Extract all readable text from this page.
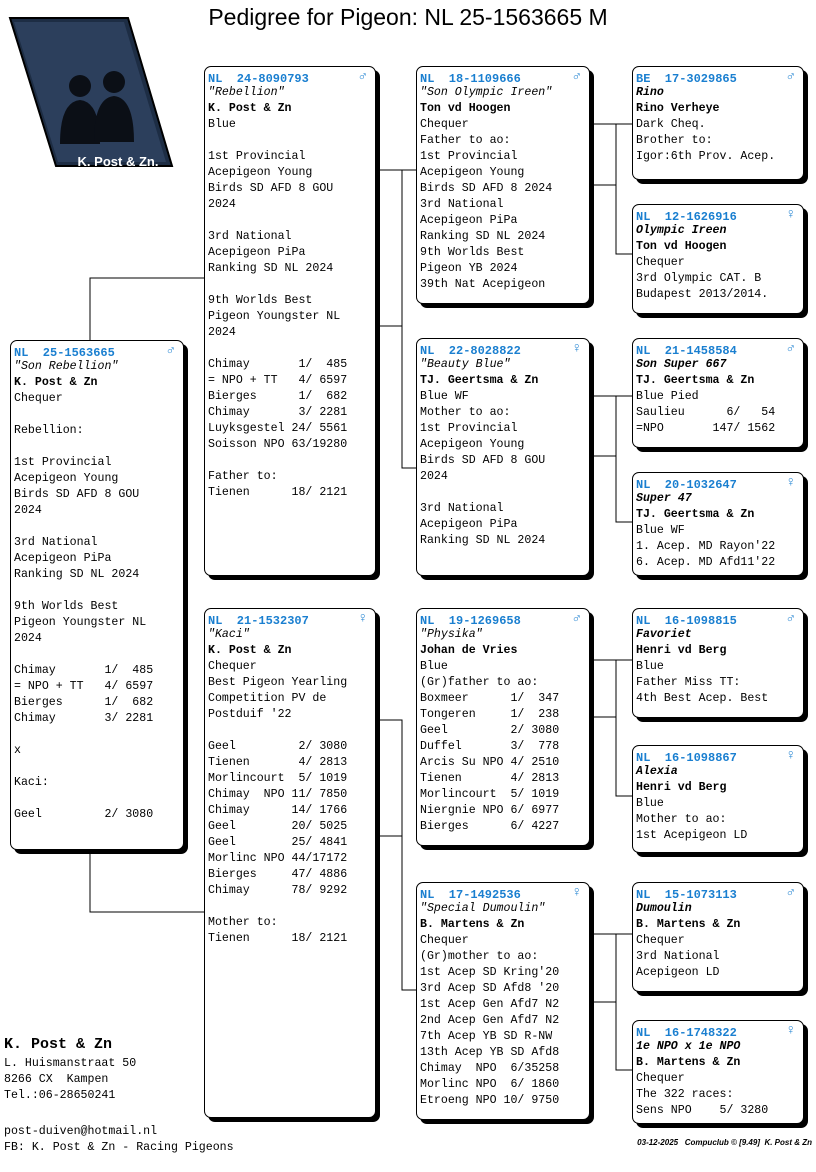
Pedigree for Pigeon: NL 25-1563665 M
K. Post & Zn.
NL  25-1563665	♂
"Son Rebellion"
K. Post & Zn
Chequer
Rebellion:
1st Provincial
Acepigeon Young
Birds SD AFD 8 GOU
2024
3rd National
Acepigeon PiPa
Ranking SD NL 2024
9th Worlds Best
Pigeon Youngster NL
2024
Chimay       1/  485
= NPO + TT   4/ 6597
Bierges      1/  682
Chimay       3/ 2281
x
Kaci:
Geel         2/ 3080
NL  24-8090793	♂
"Rebellion"
K. Post & Zn
Blue
1st Provincial
Acepigeon Young
Birds SD AFD 8 GOU
2024
3rd National
Acepigeon PiPa
Ranking SD NL 2024
9th Worlds Best
Pigeon Youngster NL
2024
Chimay       1/  485
= NPO + TT   4/ 6597
Bierges      1/  682
Chimay       3/ 2281
Luyksgestel 24/ 5561
Soisson NPO 63/19280
Father to:
Tienen      18/ 2121
NL  21-1532307	♀
"Kaci"
K. Post & Zn
Chequer
Best Pigeon Yearling
Competition PV de
Postduif '22
Geel         2/ 3080
Tienen       4/ 2813
Morlincourt  5/ 1019
Chimay  NPO 11/ 7850
Chimay      14/ 1766
Geel        20/ 5025
Geel        25/ 4841
Morlinc NPO 44/17172
Bierges     47/ 4886
Chimay      78/ 9292
Mother to:
Tienen      18/ 2121
NL  18-1109666	♂
"Son Olympic Ireen"
Ton vd Hoogen
Chequer
Father to ao:
1st Provincial
Acepigeon Young
Birds SD AFD 8 2024
3rd National
Acepigeon PiPa
Ranking SD NL 2024
9th Worlds Best
Pigeon YB 2024
39th Nat Acepigeon
NL  22-8028822	♀
"Beauty Blue"
TJ. Geertsma & Zn
Blue WF
Mother to ao:
1st Provincial
Acepigeon Young
Birds SD AFD 8 GOU
2024
3rd National
Acepigeon PiPa
Ranking SD NL 2024
NL  19-1269658	♂
"Physika"
Johan de Vries
Blue
(Gr)father to ao:
Boxmeer      1/  347
Tongeren     1/  238
Geel         2/ 3080
Duffel       3/  778
Arcis Su NPO 4/ 2510
Tienen       4/ 2813
Morlincourt  5/ 1019
Niergnie NPO 6/ 6977
Bierges      6/ 4227
NL  17-1492536	♀
"Special Dumoulin"
B. Martens & Zn
Chequer
(Gr)mother to ao:
1st Acep SD Kring'20
3rd Acep SD Afd8 '20
1st Acep Gen Afd7 N2
2nd Acep Gen Afd7 N2
7th Acep YB SD R-NW
13th Acep YB SD Afd8
Chimay  NPO  6/35258
Morlinc NPO  6/ 1860
Etroeng NPO 10/ 9750
BE  17-3029865	♂
Rino
Rino Verheye
Dark Cheq.
Brother to:
Igor:6th Prov. Acep.
NL  12-1626916	♀
Olympic Ireen
Ton vd Hoogen
Chequer
3rd Olympic CAT. B
Budapest 2013/2014.
NL  21-1458584	♂
Son Super 667
TJ. Geertsma & Zn
Blue Pied
Saulieu      6/   54
=NPO       147/ 1562
NL  20-1032647	♀
Super 47
TJ. Geertsma & Zn
Blue WF
1. Acep. MD Rayon'22
6. Acep. MD Afd11'22
NL  16-1098815	♂
Favoriet
Henri vd Berg
Blue
Father Miss TT:
4th Best Acep. Best
NL  16-1098867	♀
Alexia
Henri vd Berg
Blue
Mother to ao:
1st Acepigeon LD
NL  15-1073113	♂
Dumoulin
B. Martens & Zn
Chequer
3rd National
Acepigeon LD
NL  16-1748322	♀
1e NPO x 1e NPO
B. Martens & Zn
Chequer
The 322 races:
Sens NPO    5/ 3280
K. Post & Zn
L. Huismanstraat 50
8266 CX  Kampen
Tel.:06-28650241
post-duiven@hotmail.nl
FB: K. Post & Zn - Racing Pigeons	03-12-2025   Compuclub © [9.49]  K. Post & Zn
